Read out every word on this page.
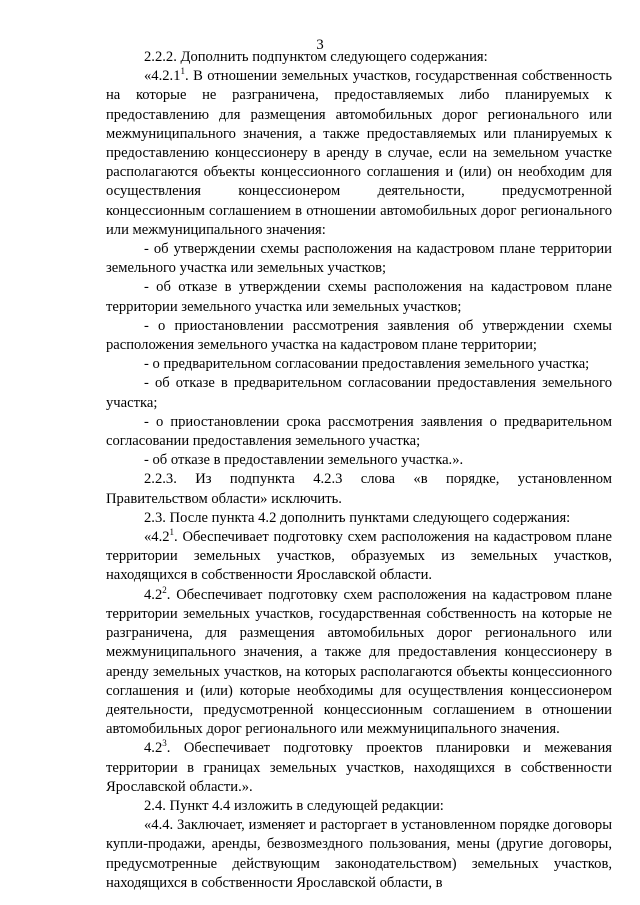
3

2.2.2. Дополнить подпунктом следующего содержания:

«4.2.1$^1$. В отношении земельных участков, государственная собственность на которые не разграничена, предоставляемых либо планируемых к предоставлению для размещения автомобильных дорог регионального или межмуниципального значения, а также предоставляемых или планируемых к предоставлению концессионеру в аренду в случае, если на земельном участке располагаются объекты концессионного соглашения и (или) он необходим для осуществления концессионером деятельности, предусмотренной концессионным соглашением в отношении автомобильных дорог регионального или межмуниципального значения:

- об утверждении схемы расположения на кадастровом плане территории земельного участка или земельных участков;

- об отказе в утверждении схемы расположения на кадастровом плане территории земельного участка или земельных участков;

- о приостановлении рассмотрения заявления об утверждении схемы расположения земельного участка на кадастровом плане территории;

- о предварительном согласовании предоставления земельного участка;

- об отказе в предварительном согласовании предоставления земельного участка;

- о приостановлении срока рассмотрения заявления о предварительном согласовании предоставления земельного участка;

- об отказе в предоставлении земельного участка.».

2.2.3. Из подпункта 4.2.3 слова «в порядке, установленном Правительством области» исключить.

2.3. После пункта 4.2 дополнить пунктами следующего содержания:

«$4.2^1$. Обеспечивает подготовку схем расположения на кадастровом плане территории земельных участков, образуемых из земельных участков, находящихся в собственности Ярославской области.

$4.2^2$. Обеспечивает подготовку схем расположения на кадастровом плане территории земельных участков, государственная собственность на которые не разграничена, для размещения автомобильных дорог регионального или межмуниципального значения, а также для предоставления концессионеру в аренду земельных участков, на которых располагаются объекты концессионного соглашения и (или) которые необходимы для осуществления концессионером деятельности, предусмотренной концессионным соглашением в отношении автомобильных дорог регионального или межмуниципального значения.

$4.2^3$. Обеспечивает подготовку проектов планировки и межевания территории в границах земельных участков, находящихся в собственности Ярославской области.».

2.4. Пункт 4.4 изложить в следующей редакции:

«4.4. Заключает, изменяет и расторгает в установленном порядке договоры купли-продажи, аренды, безвозмездного пользования, мены (другие договоры, предусмотренные действующим законодательством) земельных участков, находящихся в собственности Ярославской области, в
